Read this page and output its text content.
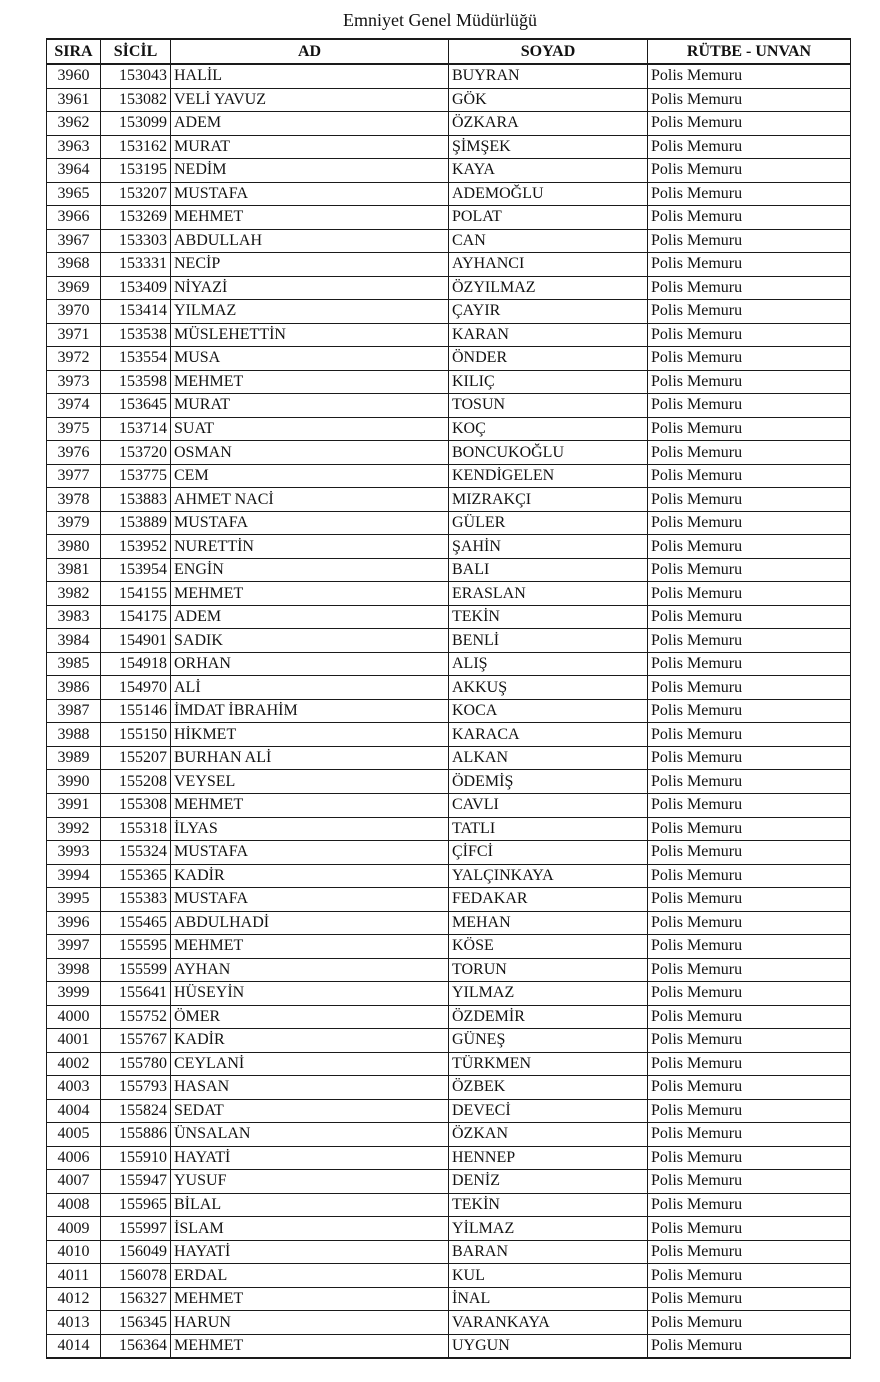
Emniyet Genel Müdürlüğü
SIRA	SİCİL	AD	SOYAD	RÜTBE - UNVAN
3960	153043	HALİL	BUYRAN	Polis Memuru
3961	153082	VELİ YAVUZ	GÖK	Polis Memuru
3962	153099	ADEM	ÖZKARA	Polis Memuru
3963	153162	MURAT	ŞİMŞEK	Polis Memuru
3964	153195	NEDİM	KAYA	Polis Memuru
3965	153207	MUSTAFA	ADEMOĞLU	Polis Memuru
3966	153269	MEHMET	POLAT	Polis Memuru
3967	153303	ABDULLAH	CAN	Polis Memuru
3968	153331	NECİP	AYHANCI	Polis Memuru
3969	153409	NİYAZİ	ÖZYILMAZ	Polis Memuru
3970	153414	YILMAZ	ÇAYIR	Polis Memuru
3971	153538	MÜSLEHETTİN	KARAN	Polis Memuru
3972	153554	MUSA	ÖNDER	Polis Memuru
3973	153598	MEHMET	KILIÇ	Polis Memuru
3974	153645	MURAT	TOSUN	Polis Memuru
3975	153714	SUAT	KOÇ	Polis Memuru
3976	153720	OSMAN	BONCUKOĞLU	Polis Memuru
3977	153775	CEM	KENDİGELEN	Polis Memuru
3978	153883	AHMET NACİ	MIZRAKÇI	Polis Memuru
3979	153889	MUSTAFA	GÜLER	Polis Memuru
3980	153952	NURETTİN	ŞAHİN	Polis Memuru
3981	153954	ENGİN	BALI	Polis Memuru
3982	154155	MEHMET	ERASLAN	Polis Memuru
3983	154175	ADEM	TEKİN	Polis Memuru
3984	154901	SADIK	BENLİ	Polis Memuru
3985	154918	ORHAN	ALIŞ	Polis Memuru
3986	154970	ALİ	AKKUŞ	Polis Memuru
3987	155146	İMDAT İBRAHİM	KOCA	Polis Memuru
3988	155150	HİKMET	KARACA	Polis Memuru
3989	155207	BURHAN ALİ	ALKAN	Polis Memuru
3990	155208	VEYSEL	ÖDEMİŞ	Polis Memuru
3991	155308	MEHMET	CAVLI	Polis Memuru
3992	155318	İLYAS	TATLI	Polis Memuru
3993	155324	MUSTAFA	ÇİFCİ	Polis Memuru
3994	155365	KADİR	YALÇINKAYA	Polis Memuru
3995	155383	MUSTAFA	FEDAKAR	Polis Memuru
3996	155465	ABDULHADİ	MEHAN	Polis Memuru
3997	155595	MEHMET	KÖSE	Polis Memuru
3998	155599	AYHAN	TORUN	Polis Memuru
3999	155641	HÜSEYİN	YILMAZ	Polis Memuru
4000	155752	ÖMER	ÖZDEMİR	Polis Memuru
4001	155767	KADİR	GÜNEŞ	Polis Memuru
4002	155780	CEYLANİ	TÜRKMEN	Polis Memuru
4003	155793	HASAN	ÖZBEK	Polis Memuru
4004	155824	SEDAT	DEVECİ	Polis Memuru
4005	155886	ÜNSALAN	ÖZKAN	Polis Memuru
4006	155910	HAYATİ	HENNEP	Polis Memuru
4007	155947	YUSUF	DENİZ	Polis Memuru
4008	155965	BİLAL	TEKİN	Polis Memuru
4009	155997	İSLAM	YİLMAZ	Polis Memuru
4010	156049	HAYATİ	BARAN	Polis Memuru
4011	156078	ERDAL	KUL	Polis Memuru
4012	156327	MEHMET	İNAL	Polis Memuru
4013	156345	HARUN	VARANKAYA	Polis Memuru
4014	156364	MEHMET	UYGUN	Polis Memuru
